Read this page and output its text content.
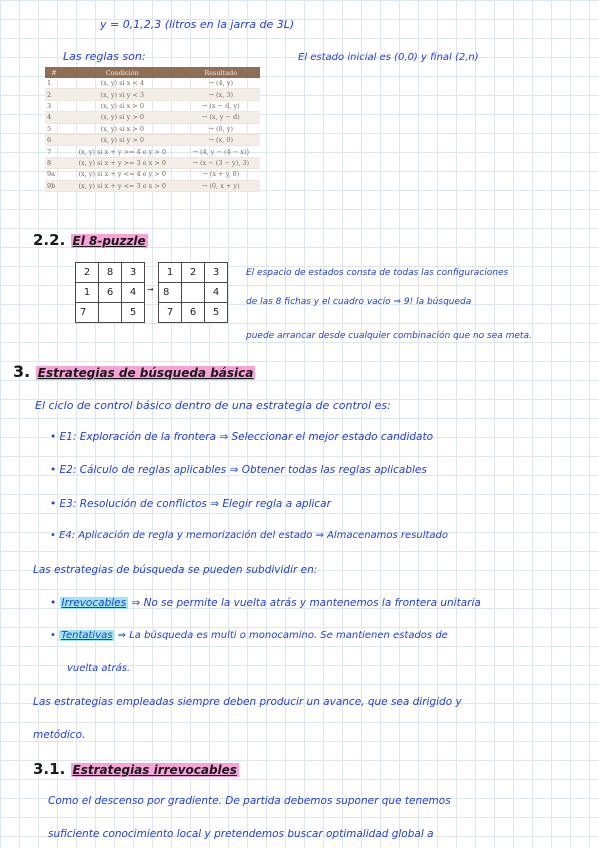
y = 0,1,2,3 (litros en la jarra de 3L)
Las reglas son:	El estado inicial es (0,0) y final (2,n)
#	Condición	Resultado
1	(x, y) si x < 4	→ (4, y)
2	(x, y) si y < 3	→ (x, 3)
3	(x, y) si x > 0	→ (x − d, y)
4	(x, y) si y > 0	→ (x, y − d)
5	(x, y) si x > 0	→ (0, y)
6	(x, y) si y > 0	→ (x, 0)
7	(x, y) si x + y >= 4 e y > 0	→ (4, y − (4 − x))
8	(x, y) si x + y >= 3 e x > 0	→ (x − (3 − y), 3)
9a	(x, y) si x + y <= 4 e y > 0	→ (x + y, 0)
9b	(x, y) si x + y <= 3 e x > 0	→ (0, x + y)
2.2. El 8-puzzle
2	8	3
1	6	4
7		5
→
1	2	3
8		4
7	6	5
El espacio de estados consta de todas las configuraciones
de las 8 fichas y el cuadro vacío ⇒ 9! la búsqueda
puede arrancar desde cualquier combinación que no sea meta.
3. Estrategias de búsqueda básica
El ciclo de control básico dentro de una estrategia de control es:
• E1: Exploración de la frontera ⇒ Seleccionar el mejor estado candidato
• E2: Cálculo de reglas aplicables ⇒ Obtener todas las reglas aplicables
• E3: Resolución de conflictos ⇒ Elegir regla a aplicar
• E4: Aplicación de regla y memorización del estado ⇒ Almacenamos resultado
Las estrategias de búsqueda se pueden subdividir en:
• Irrevocables ⇒ No se permite la vuelta atrás y mantenemos la frontera unitaria
• Tentativas ⇒ La búsqueda es multi o monocamino. Se mantienen estados de
vuelta atrás.
Las estrategias empleadas siempre deben producir un avance, que sea dirigido y
metódico.
3.1. Estrategias irrevocables
Como el descenso por gradiente. De partida debemos suponer que tenemos
suficiente conocimiento local y pretendemos buscar optimalidad global a
